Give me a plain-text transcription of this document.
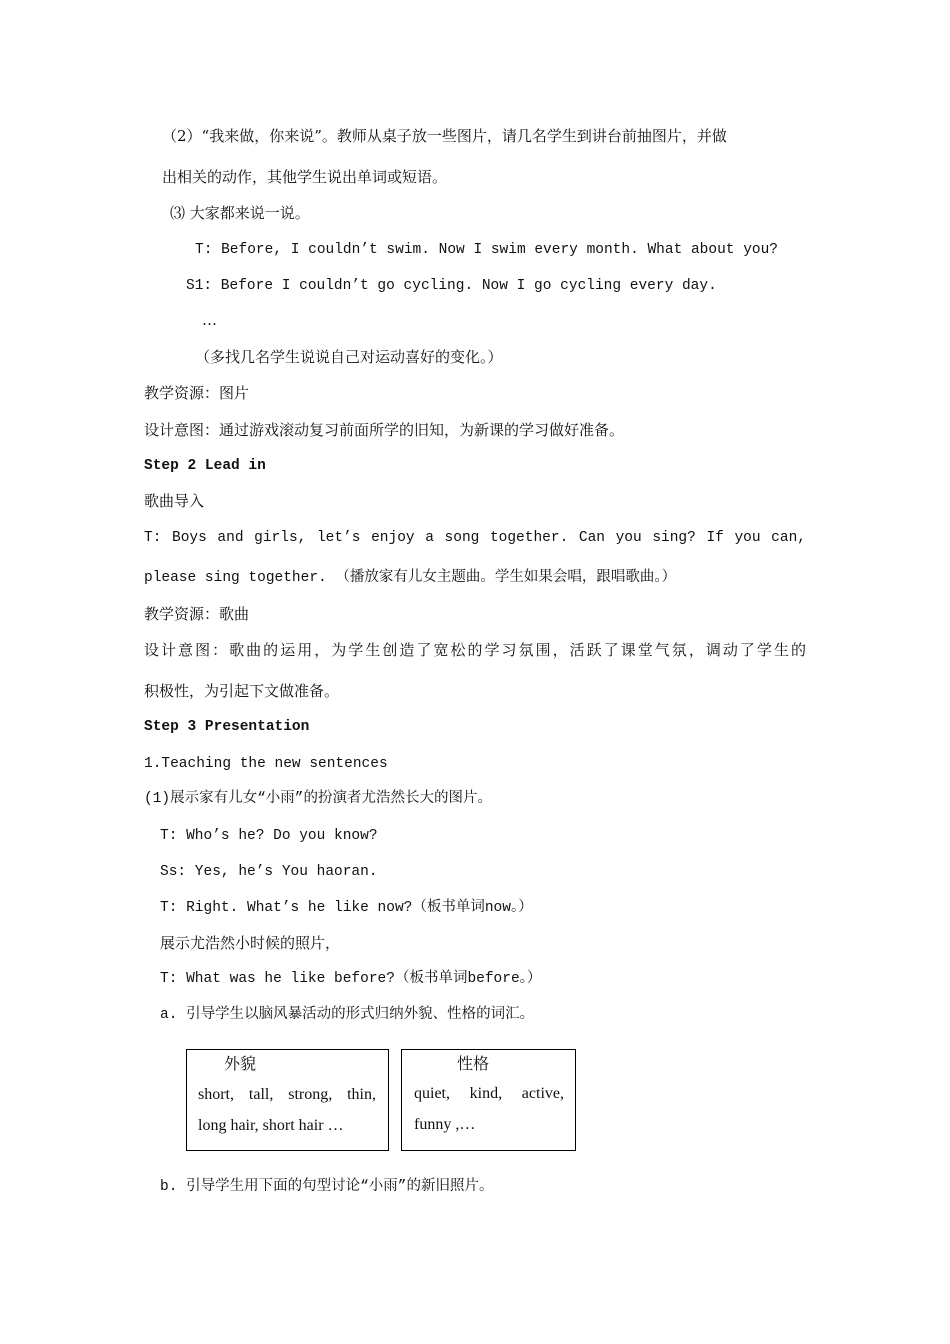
（2）“我来做，你来说”。教师从桌子放一些图片，请几名学生到讲台前抽图片，并做
出相关的动作，其他学生说出单词或短语。
⑶ 大家都来说一说。
T: Before, I couldn’t swim. Now I swim every month. What about you?
S1: Before I couldn’t go cycling. Now I go cycling every day.
…
（多找几名学生说说自己对运动喜好的变化。）
教学资源：图片
设计意图：通过游戏滚动复习前面所学的旧知，为新课的学习做好准备。
Step 2 Lead in
歌曲导入
T: Boys and girls, let’s enjoy a song together. Can you sing? If you can,
please sing together. （播放家有儿女主题曲。学生如果会唱，跟唱歌曲。）
教学资源：歌曲
设计意图：歌曲的运用，为学生创造了宽松的学习氛围，活跃了课堂气氛，调动了学生的
积极性，为引起下文做准备。
Step 3 Presentation
1.Teaching the new sentences
(1)展示家有儿女“小雨”的扮演者尤浩然长大的图片。
T: Who’s he? Do you know?
Ss: Yes, he’s You haoran.
T: Right. What’s he like now?（板书单词now。）
展示尤浩然小时候的照片，
T: What was he like before?（板书单词before。）
a. 引导学生以脑风暴活动的形式归纳外貌、性格的词汇。
外貌
short, tall, strong, thin,
long hair, short hair …
性格
quiet, kind, active,
funny ,…
b. 引导学生用下面的句型讨论“小雨”的新旧照片。
